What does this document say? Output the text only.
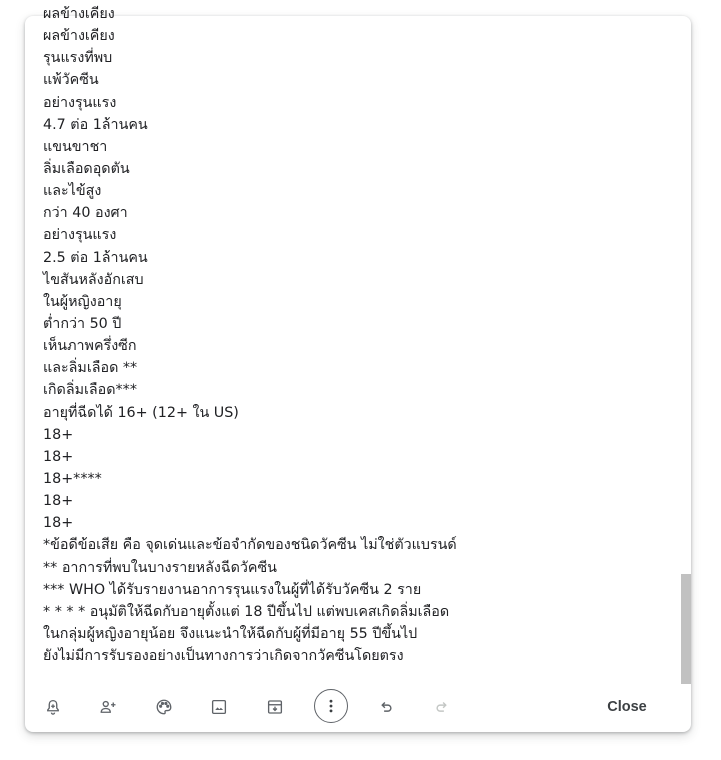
ผลข้างเคียง
ผลข้างเคียง
รุนแรงที่พบ
แพ้วัคซีน
อย่างรุนแรง
4.7 ต่อ 1ล้านคน
แขนขาชา
ลิ่มเลือดอุดตัน
และไข้สูง
กว่า 40 องศา
อย่างรุนแรง
2.5 ต่อ 1ล้านคน
ไขสันหลังอักเสบ
ในผู้หญิงอายุ
ต่ำกว่า 50 ปี
เห็นภาพครึ่งซีก
และลิ่มเลือด **
เกิดลิ่มเลือด***
อายุที่ฉีดได้ 16+ (12+ ใน US)
18+
18+
18+****
18+
18+
*ข้อดีข้อเสีย คือ จุดเด่นและข้อจำกัดของชนิดวัคซีน ไม่ใช่ตัวแบรนด์
** อาการที่พบในบางรายหลังฉีดวัคซีน
*** WHO ได้รับรายงานอาการรุนแรงในผู้ที่ได้รับวัคซีน 2 ราย
* * * * อนุมัติให้ฉีดกับอายุตั้งแต่ 18 ปีขึ้นไป แต่พบเคสเกิดลิ่มเลือด
ในกลุ่มผู้หญิงอายุน้อย จึงแนะนำให้ฉีดกับผู้ที่มีอายุ 55 ปีขึ้นไป
ยังไม่มีการรับรองอย่างเป็นทางการว่าเกิดจากวัคซีนโดยตรง
Close
